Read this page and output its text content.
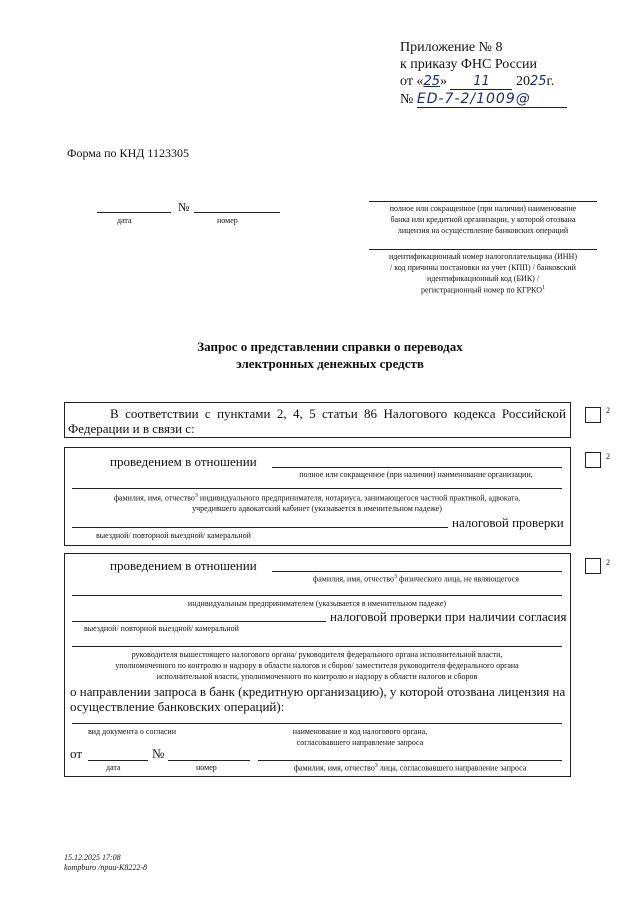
Приложение № 8
к приказу ФНС России
от «25» 11 2025г.
№ ED-7-2/1009@
Форма по КНД 1123305
№
дата	номер
полное или сокращенное (при наличии) наименование
банка или кредитной организации, у которой отозвана
лицензия на осуществление банковских операций
идентификационный номер налогоплательщика (ИНН)
/ код причины постановки на учет (КПП) / банковский
идентификационный код (БИК) /
регистрационный номер по КГРКО$^1$
Запрос о представлении справки о переводах
электронных денежных средств
В соответствии с пунктами 2, 4, 5 статьи 86 Налогового кодекса Российской
Федерации и в связи с:
2
проведением в отношении
полное или сокращенное (при наличии) наименование организации,
фамилия, имя, отчество$^3$ индивидуального предпринимателя, нотариуса, занимающегося частной практикой, адвоката,
учредившего адвокатский кабинет (указывается в именительном падеже)
налоговой проверки
выездной/ повторной выездной/ камеральной
2
проведением в отношении
фамилия, имя, отчество$^3$ физического лица, не являющегося
индивидуальным предпринимателем (указывается в именительном падеже)
налоговой проверки при наличии согласия
выездной/ повторной выездной/ камеральной
руководителя вышестоящего налогового органа/ руководителя федерального органа исполнительной власти,
уполномоченного по контролю и надзору в области налогов и сборов/ заместителя руководителя федерального органа
исполнительной власти, уполномоченного по контролю и надзору в области налогов и сборов
о направлении запроса в банк (кредитную организацию), у которой отозвана лицензия на
осуществление банковских операций):
вид документа о согласии	наименование и код налогового органа,
согласовавшего направление запроса
от	№
дата	номер	фамилия, имя, отчество$^3$ лица, согласовавшего направление запроса
2
15.12.2025 17:08
kompburo /npuu-K8222-8
